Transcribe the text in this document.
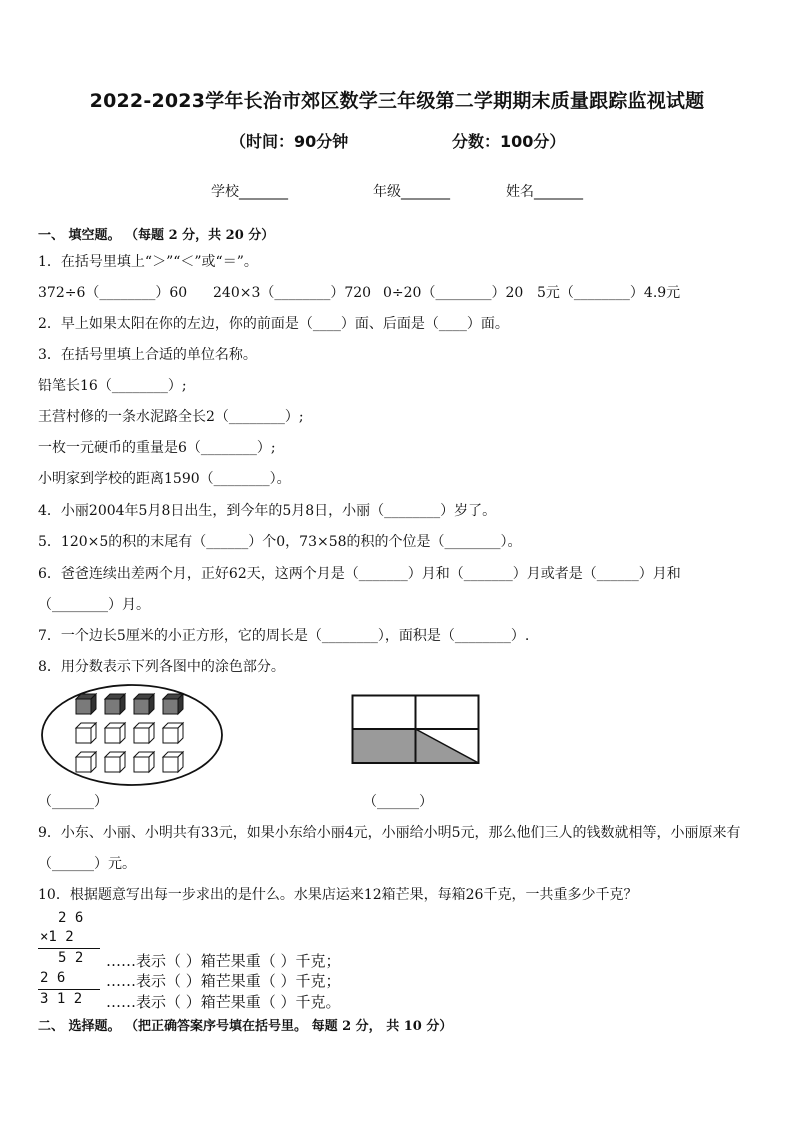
2022-2023学年长治市郊区数学三年级第二学期期末质量跟踪监视试题
（时间：90分钟	分数：100分）
学校_______	年级_______	姓名_______
一、 填空题。 （每题 2 分，共 20 分）
1．在括号里填上“＞”“＜”或“＝”。
372÷6（________）60 240×3（________）720 0÷20（________）20 5元（________）4.9元
2．早上如果太阳在你的左边，你的前面是（____）面、后面是（____）面。
3．在括号里填上合适的单位名称。
铅笔长16（________）;
王营村修的一条水泥路全长2（________）;
一枚一元硬币的重量是6（________）;
小明家到学校的距离1590（________）。
4．小丽2004年5月8日出生，到今年的5月8日，小丽（________）岁了。
5．120×5的积的末尾有（______）个0，73×58的积的个位是（________）。
6．爸爸连续出差两个月，正好62天，这两个月是（_______）月和（_______）月或者是（______）月和
（________）月。
7．一个边长5厘米的小正方形，它的周长是（________），面积是（________）.
8．用分数表示下列各图中的涂色部分。
（______）	（______）
9．小东、小丽、小明共有33元，如果小东给小丽4元，小丽给小明5元，那么他们三人的钱数就相等，小丽原来有
（______）元。
10．根据题意写出每一步求出的是什么。水果店运来12箱芒果，每箱26千克，一共重多少千克？
2 6
×1 2
5 2
2 6
3 1 2
……表示（ ）箱芒果重（ ）千克；
……表示（ ）箱芒果重（ ）千克；
……表示（ ）箱芒果重（ ）千克。
二、 选择题。 （把正确答案序号填在括号里。 每题 2 分， 共 10 分）
